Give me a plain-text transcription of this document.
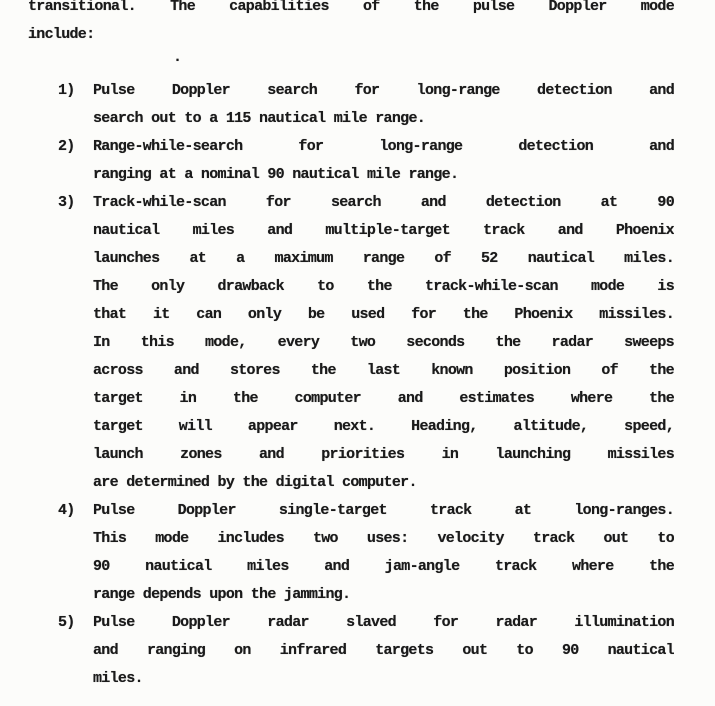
transitional. The capabilities of the pulse Doppler mode
include:
.
1) Pulse Doppler search for long-range detection and
search out to a 115 nautical mile range.
2) Range-while-search for long-range detection and
ranging at a nominal 90 nautical mile range.
3) Track-while-scan for search and detection at 90
nautical miles and multiple-target track and Phoenix
launches at a maximum range of 52 nautical miles.
The only drawback to the track-while-scan mode is
that it can only be used for the Phoenix missiles.
In this mode, every two seconds the radar sweeps
across and stores the last known position of the
target in the computer and estimates where the
target will appear next. Heading, altitude, speed,
launch zones and priorities in launching missiles
are determined by the digital computer.
4) Pulse Doppler single-target track at long-ranges.
This mode includes two uses: velocity track out to
90 nautical miles and jam-angle track where the
range depends upon the jamming.
5) Pulse Doppler radar slaved for radar illumination
and ranging on infrared targets out to 90 nautical
miles.
